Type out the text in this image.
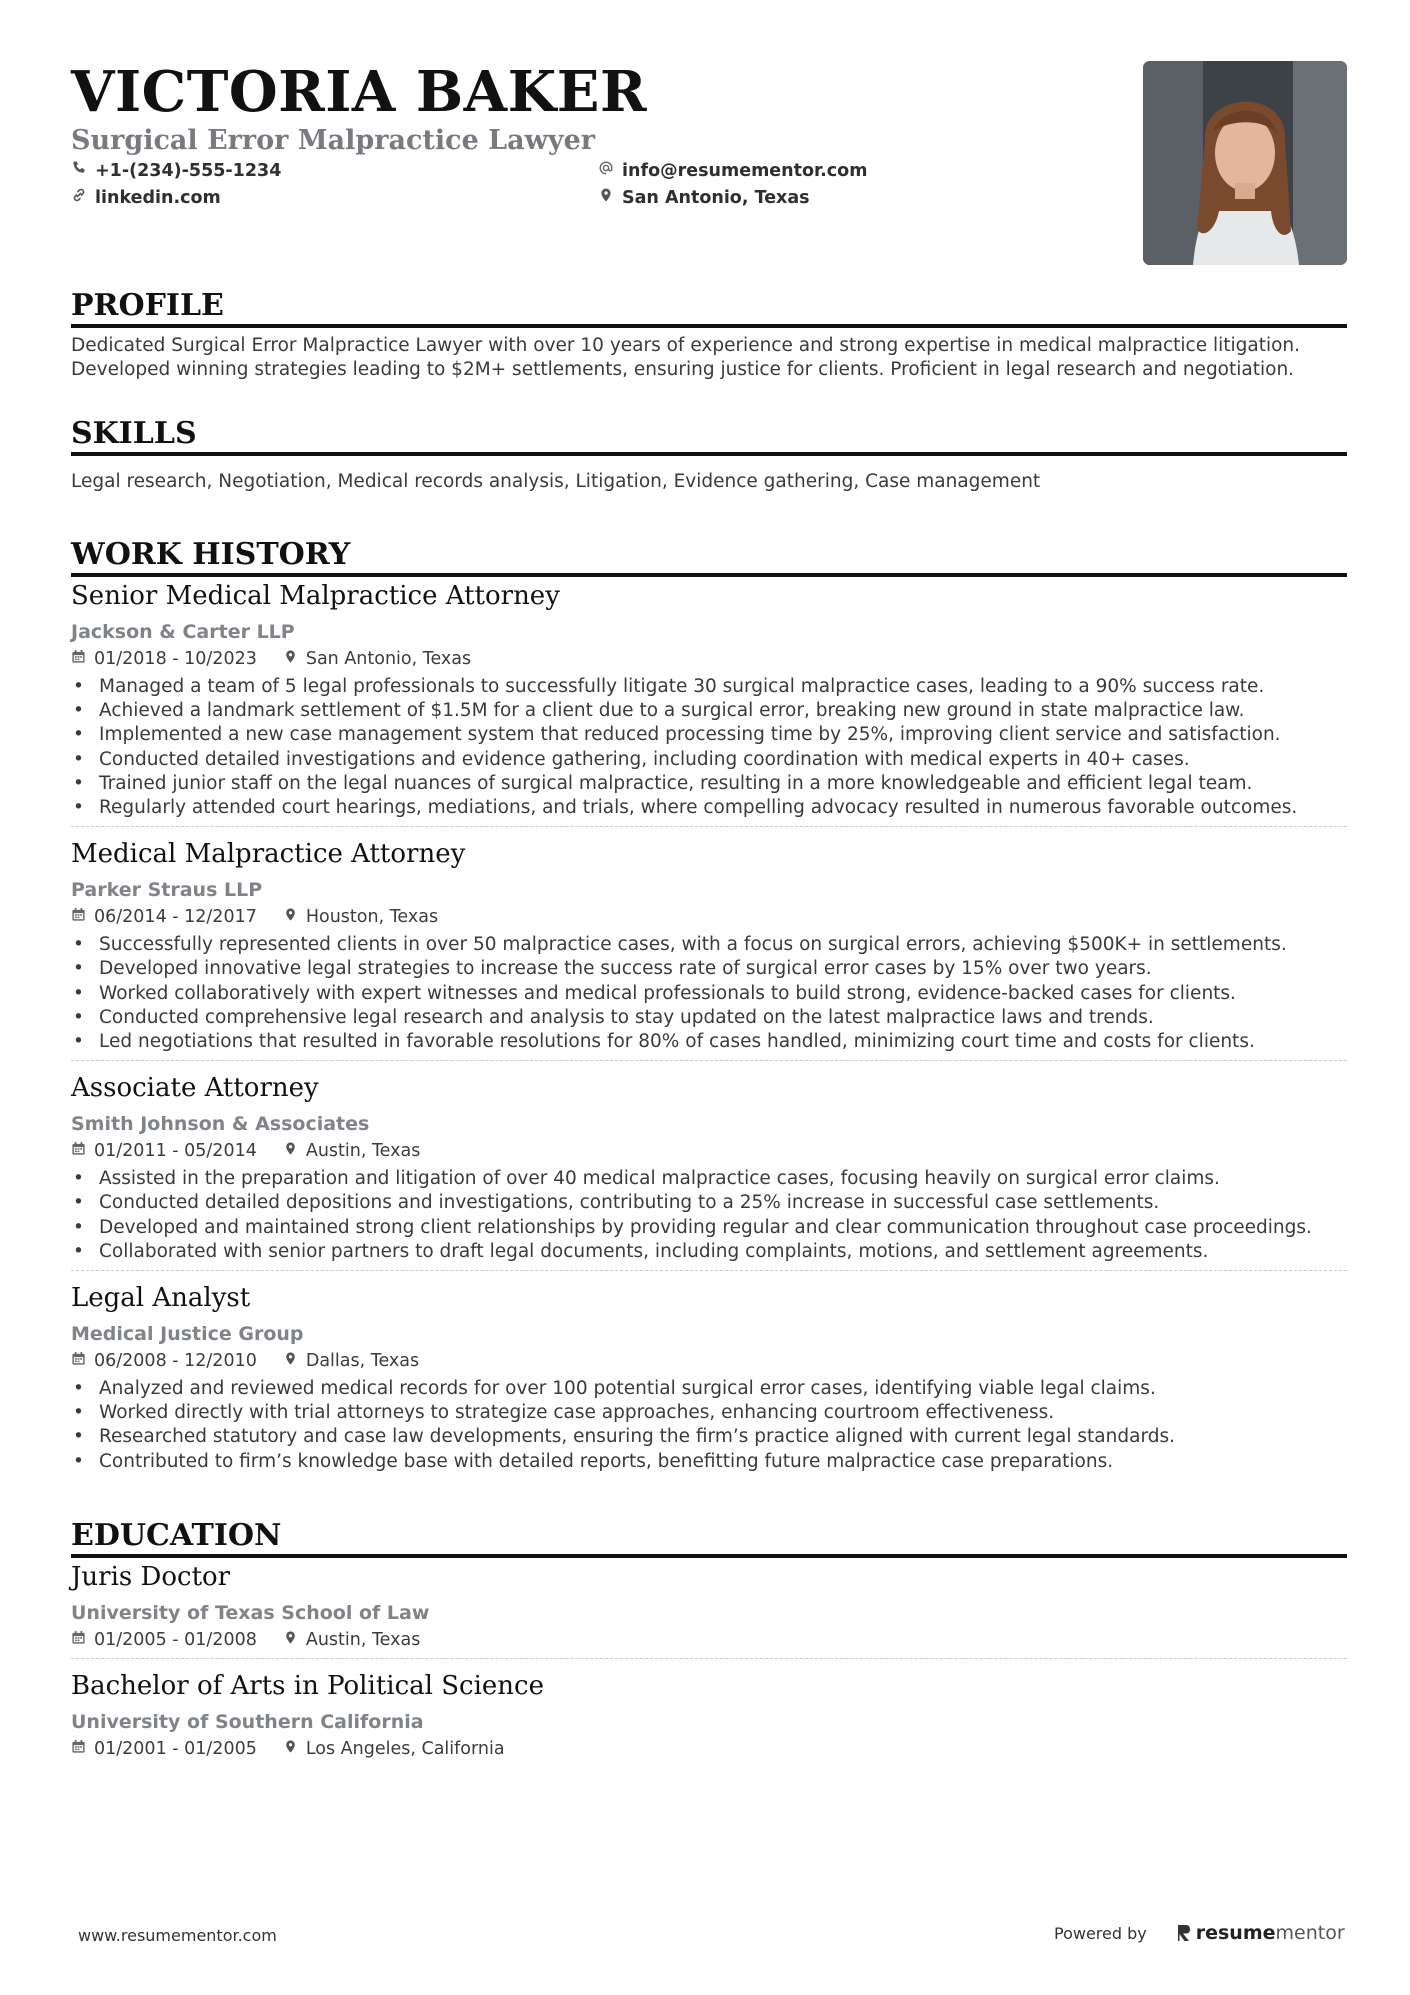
VICTORIA BAKER
Surgical Error Malpractice Lawyer
+1-(234)-555-1234
linkedin.com
info@resumementor.com
San Antonio, Texas
PROFILE
Dedicated Surgical Error Malpractice Lawyer with over 10 years of experience and strong expertise in medical malpractice litigation. Developed winning strategies leading to $2M+ settlements, ensuring justice for clients. Proficient in legal research and negotiation.
SKILLS
Legal research, Negotiation, Medical records analysis, Litigation, Evidence gathering, Case management
WORK HISTORY
Senior Medical Malpractice Attorney
Jackson & Carter LLP
01/2018 - 10/2023	San Antonio, Texas
• Managed a team of 5 legal professionals to successfully litigate 30 surgical malpractice cases, leading to a 90% success rate.
• Achieved a landmark settlement of $1.5M for a client due to a surgical error, breaking new ground in state malpractice law.
• Implemented a new case management system that reduced processing time by 25%, improving client service and satisfaction.
• Conducted detailed investigations and evidence gathering, including coordination with medical experts in 40+ cases.
• Trained junior staff on the legal nuances of surgical malpractice, resulting in a more knowledgeable and efficient legal team.
• Regularly attended court hearings, mediations, and trials, where compelling advocacy resulted in numerous favorable outcomes.
Medical Malpractice Attorney
Parker Straus LLP
06/2014 - 12/2017	Houston, Texas
• Successfully represented clients in over 50 malpractice cases, with a focus on surgical errors, achieving $500K+ in settlements.
• Developed innovative legal strategies to increase the success rate of surgical error cases by 15% over two years.
• Worked collaboratively with expert witnesses and medical professionals to build strong, evidence-backed cases for clients.
• Conducted comprehensive legal research and analysis to stay updated on the latest malpractice laws and trends.
• Led negotiations that resulted in favorable resolutions for 80% of cases handled, minimizing court time and costs for clients.
Associate Attorney
Smith Johnson & Associates
01/2011 - 05/2014	Austin, Texas
• Assisted in the preparation and litigation of over 40 medical malpractice cases, focusing heavily on surgical error claims.
• Conducted detailed depositions and investigations, contributing to a 25% increase in successful case settlements.
• Developed and maintained strong client relationships by providing regular and clear communication throughout case proceedings.
• Collaborated with senior partners to draft legal documents, including complaints, motions, and settlement agreements.
Legal Analyst
Medical Justice Group
06/2008 - 12/2010	Dallas, Texas
• Analyzed and reviewed medical records for over 100 potential surgical error cases, identifying viable legal claims.
• Worked directly with trial attorneys to strategize case approaches, enhancing courtroom effectiveness.
• Researched statutory and case law developments, ensuring the firm’s practice aligned with current legal standards.
• Contributed to firm’s knowledge base with detailed reports, benefitting future malpractice case preparations.
EDUCATION
Juris Doctor
University of Texas School of Law
01/2005 - 01/2008	Austin, Texas
Bachelor of Arts in Political Science
University of Southern California
01/2001 - 01/2005	Los Angeles, California
www.resumementor.com	Powered by	resumementor
